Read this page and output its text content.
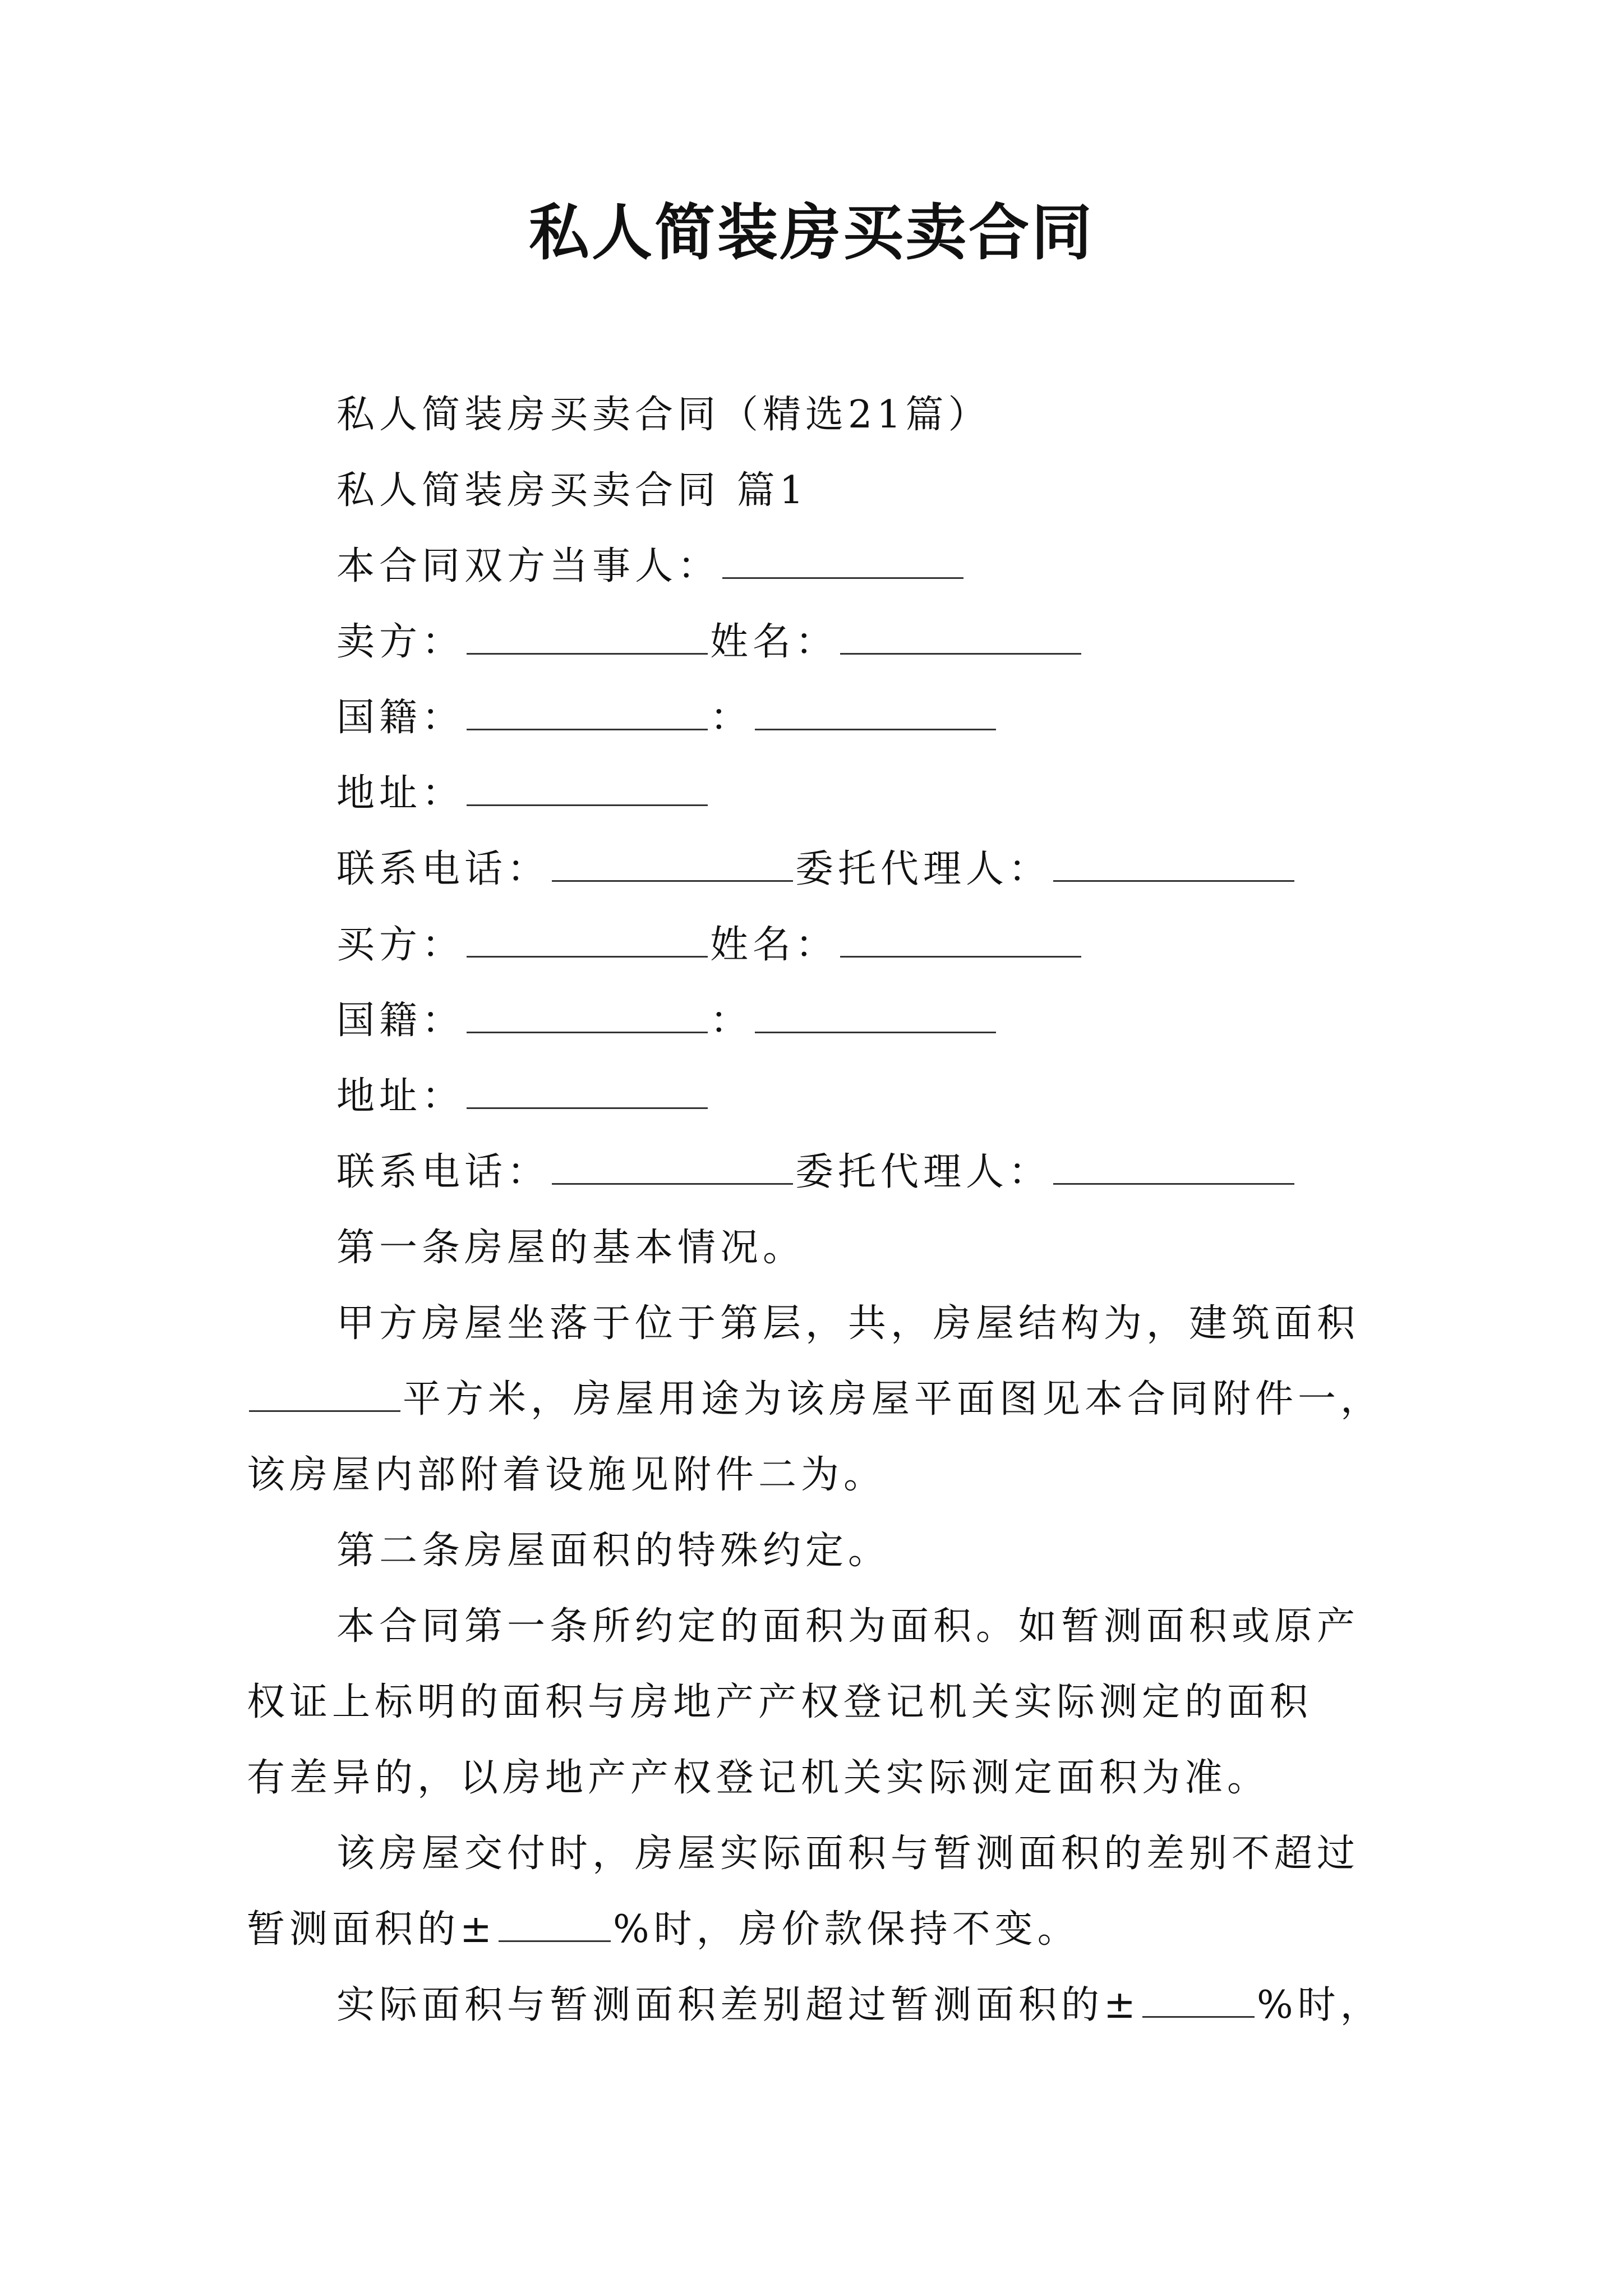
私人简装房买卖合同

私人简装房买卖合同（精选21篇）

私人简装房买卖合同 篇1

本合同双方当事人：

卖方：	姓名：

国籍：	：

地址：

联系电话：	委托代理人：

买方：	姓名：

国籍：	：

地址：

联系电话：	委托代理人：

第一条房屋的基本情况。

甲方房屋坐落于位于第层，共，房屋结构为，建筑面积

平方米，房屋用途为该房屋平面图见本合同附件一，

该房屋内部附着设施见附件二为。

第二条房屋面积的特殊约定。

本合同第一条所约定的面积为面积。如暂测面积或原产

权证上标明的面积与房地产产权登记机关实际测定的面积

有差异的，以房地产产权登记机关实际测定面积为准。

该房屋交付时，房屋实际面积与暂测面积的差别不超过

暂测面积的±	%时，房价款保持不变。

实际面积与暂测面积差别超过暂测面积的±	%时，
